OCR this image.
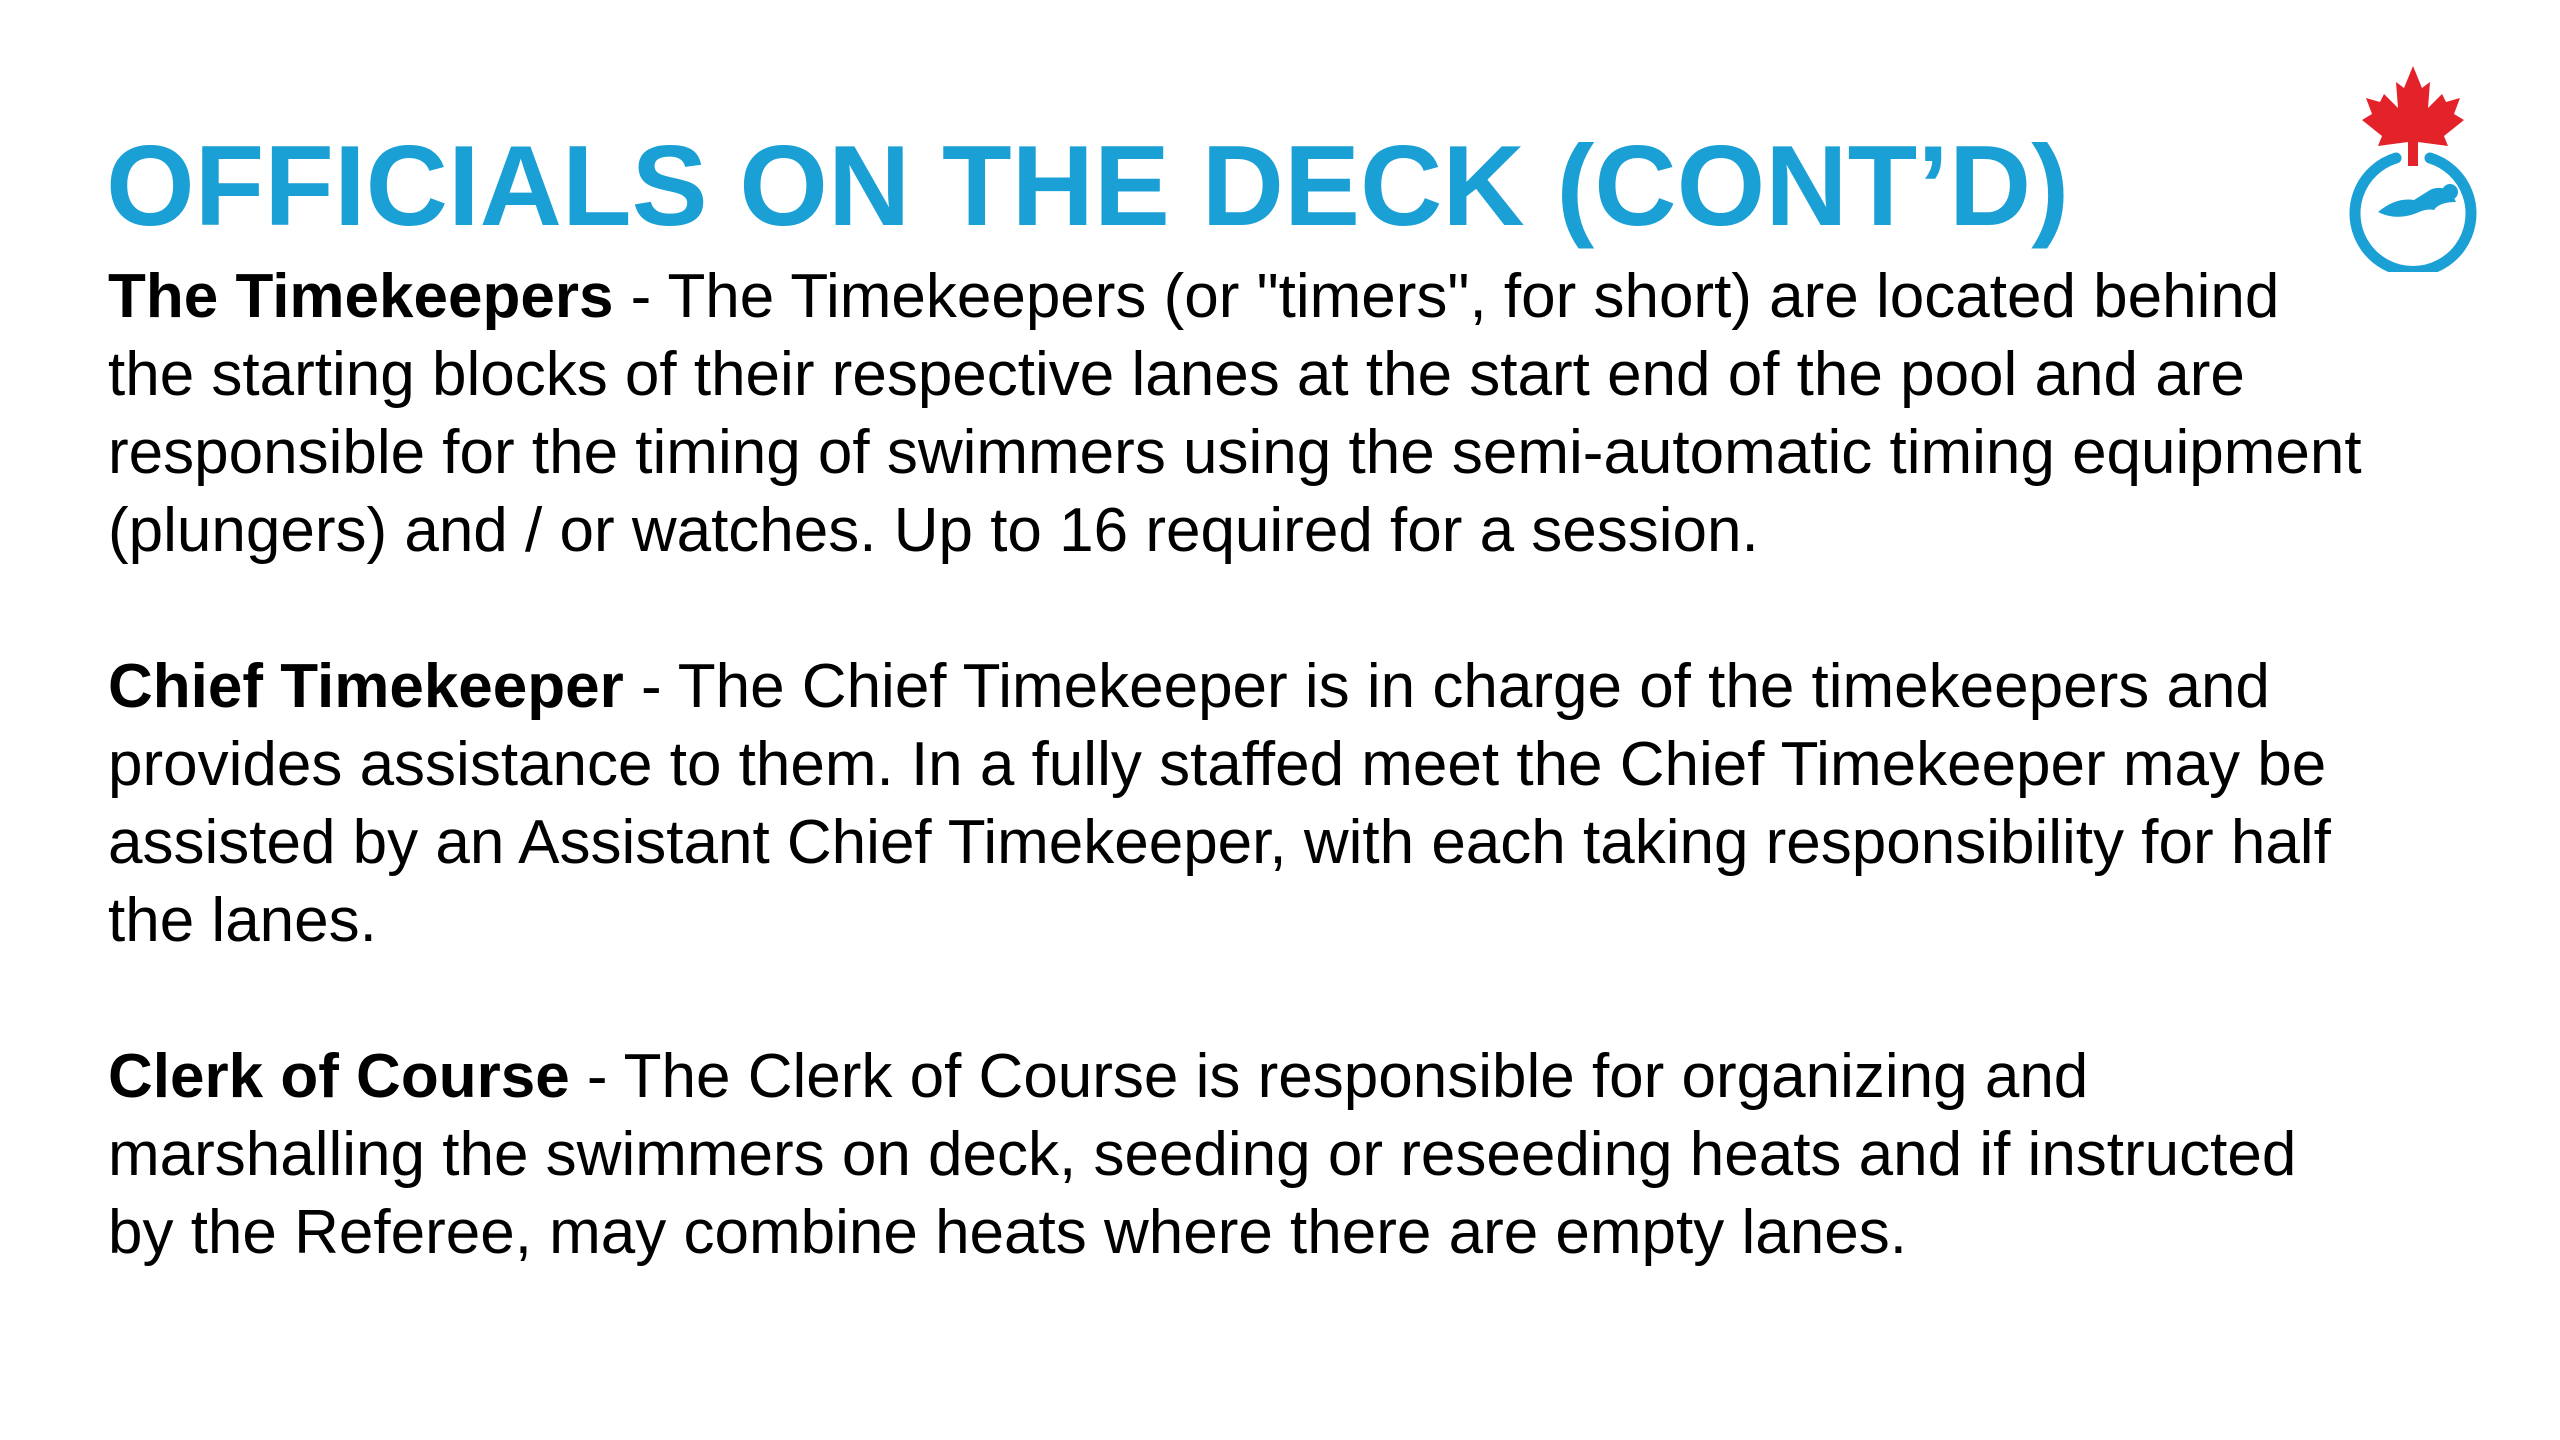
OFFICIALS ON THE DECK (CONT’D)

The Timekeepers - The Timekeepers (or "timers", for short) are located behind the starting blocks of their respective lanes at the start end of the pool and are responsible for the timing of swimmers using the semi-automatic timing equipment (plungers) and / or watches. Up to 16 required for a session.

Chief Timekeeper - The Chief Timekeeper is in charge of the timekeepers and provides assistance to them. In a fully staffed meet the Chief Timekeeper may be assisted by an Assistant Chief Timekeeper, with each taking responsibility for half the lanes.

Clerk of Course - The Clerk of Course is responsible for organizing and marshalling the swimmers on deck, seeding or reseeding heats and if instructed by the Referee, may combine heats where there are empty lanes.
